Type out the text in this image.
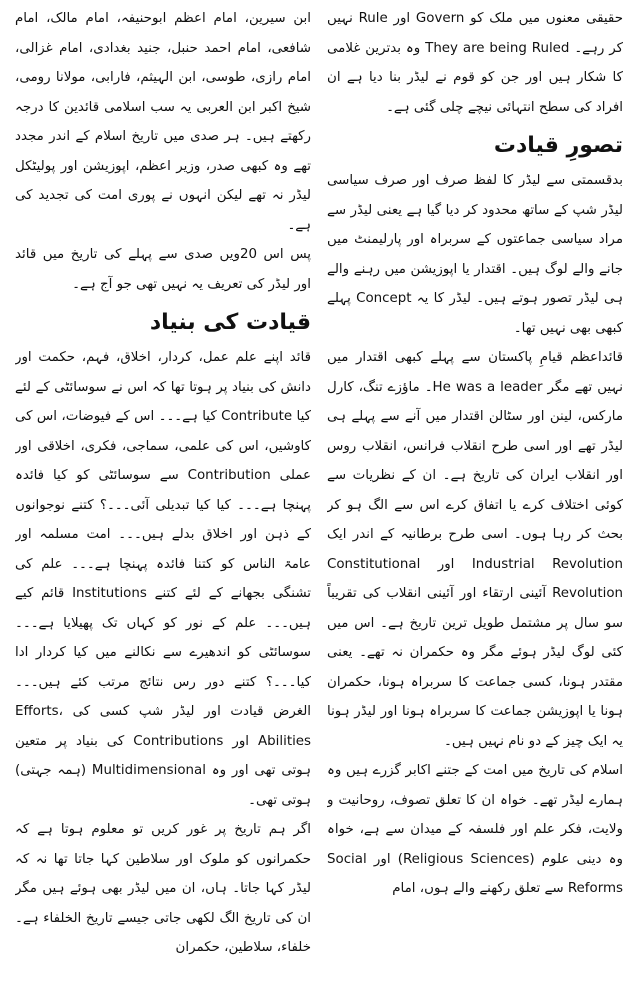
حقیقی معنوں میں ملک کو Govern اور Rule نہیں کر رہے۔ They are being Ruled وہ بدترین غلامی کا شکار ہیں اور جن کو قوم نے لیڈر بنا دیا ہے ان افراد کی سطح انتہائی نیچے چلی گئی ہے۔

تصورِ قیادت

بدقسمتی سے لیڈر کا لفظ صرف اور صرف سیاسی لیڈر شپ کے ساتھ محدود کر دیا گیا ہے یعنی لیڈر سے مراد سیاسی جماعتوں کے سربراہ اور پارلیمنٹ میں جانے والے لوگ ہیں۔ اقتدار یا اپوزیشن میں رہنے والے ہی لیڈر تصور ہوتے ہیں۔ لیڈر کا یہ Concept پہلے کبھی بھی نہیں تھا۔

قائداعظم قیامِ پاکستان سے پہلے کبھی اقتدار میں نہیں تھے مگر He was a leader۔ ماؤزے تنگ، کارل مارکس، لینن اور سٹالن اقتدار میں آنے سے پہلے ہی لیڈر تھے اور اسی طرح انقلاب فرانس، انقلاب روس اور انقلاب ایران کی تاریخ ہے۔ ان کے نظریات سے کوئی اختلاف کرے یا اتفاق کرے اس سے الگ ہو کر بحث کر رہا ہوں۔ اسی طرح برطانیہ کے اندر ایک Industrial Revolution اور Constitutional Revolution آئینی ارتقاء اور آئینی انقلاب کی تقریباً سو سال پر مشتمل طویل ترین تاریخ ہے۔ اس میں کئی لوگ لیڈر ہوئے مگر وہ حکمران نہ تھے۔ یعنی مقتدر ہونا، کسی جماعت کا سربراہ ہونا، حکمران ہونا یا اپوزیشن جماعت کا سربراہ ہونا اور لیڈر ہونا یہ ایک چیز کے دو نام نہیں ہیں۔

اسلام کی تاریخ میں امت کے جتنے اکابر گزرے ہیں وہ ہمارے لیڈر تھے۔ خواہ ان کا تعلق تصوف، روحانیت و ولایت، فکر علم اور فلسفہ کے میدان سے ہے، خواہ وہ دینی علوم (Religious Sciences) اور Social Reforms سے تعلق رکھنے والے ہوں، امام

ابن سیرین، امام اعظم ابوحنیفہ، امام مالک، امام شافعی، امام احمد حنبل، جنید بغدادی، امام غزالی، امام رازی، طوسی، ابن الہیثم، فارابی، مولانا رومی، شیخ اکبر ابن العربی یہ سب اسلامی قائدین کا درجہ رکھتے ہیں۔ ہر صدی میں تاریخ اسلام کے اندر مجدد تھے وہ کبھی صدر، وزیر اعظم، اپوزیشن اور پولیٹکل لیڈر نہ تھے لیکن انہوں نے پوری امت کی تجدید کی ہے۔

پس اس 20ویں صدی سے پہلے کی تاریخ میں قائد اور لیڈر کی تعریف یہ نہیں تھی جو آج ہے۔

قیادت کی بنیاد

قائد اپنے علم عمل، کردار، اخلاق، فہم، حکمت اور دانش کی بنیاد پر ہوتا تھا کہ اس نے سوسائٹی کے لئے کیا Contribute کیا ہے۔۔۔ اس کے فیوضات، اس کی کاوشیں، اس کی علمی، سماجی، فکری، اخلاقی اور عملی Contribution سے سوسائٹی کو کیا فائدہ پہنچا ہے۔۔۔ کیا کیا تبدیلی آئی۔۔۔؟ کتنے نوجوانوں کے ذہن اور اخلاق بدلے ہیں۔۔۔ امت مسلمہ اور عامۃ الناس کو کتنا فائدہ پہنچا ہے۔۔۔ علم کی تشنگی بجھانے کے لئے کتنے Institutions قائم کیے ہیں۔۔۔ علم کے نور کو کہاں تک پھیلایا ہے۔۔۔ سوسائٹی کو اندھیرے سے نکالنے میں کیا کردار ادا کیا۔۔۔؟ کتنے دور رس نتائج مرتب کئے ہیں۔۔۔ الغرض قیادت اور لیڈر شپ کسی کی Efforts، Abilities اور Contributions کی بنیاد پر متعین ہوتی تھی اور وہ Multidimensional (ہمہ جہتی) ہوتی تھی۔

اگر ہم تاریخ پر غور کریں تو معلوم ہوتا ہے کہ حکمرانوں کو ملوک اور سلاطین کہا جاتا تھا نہ کہ لیڈر کہا جاتا۔ ہاں، ان میں لیڈر بھی ہوئے ہیں مگر ان کی تاریخ الگ لکھی جاتی جیسے تاریخ الخلفاء ہے۔ خلفاء، سلاطین، حکمران
